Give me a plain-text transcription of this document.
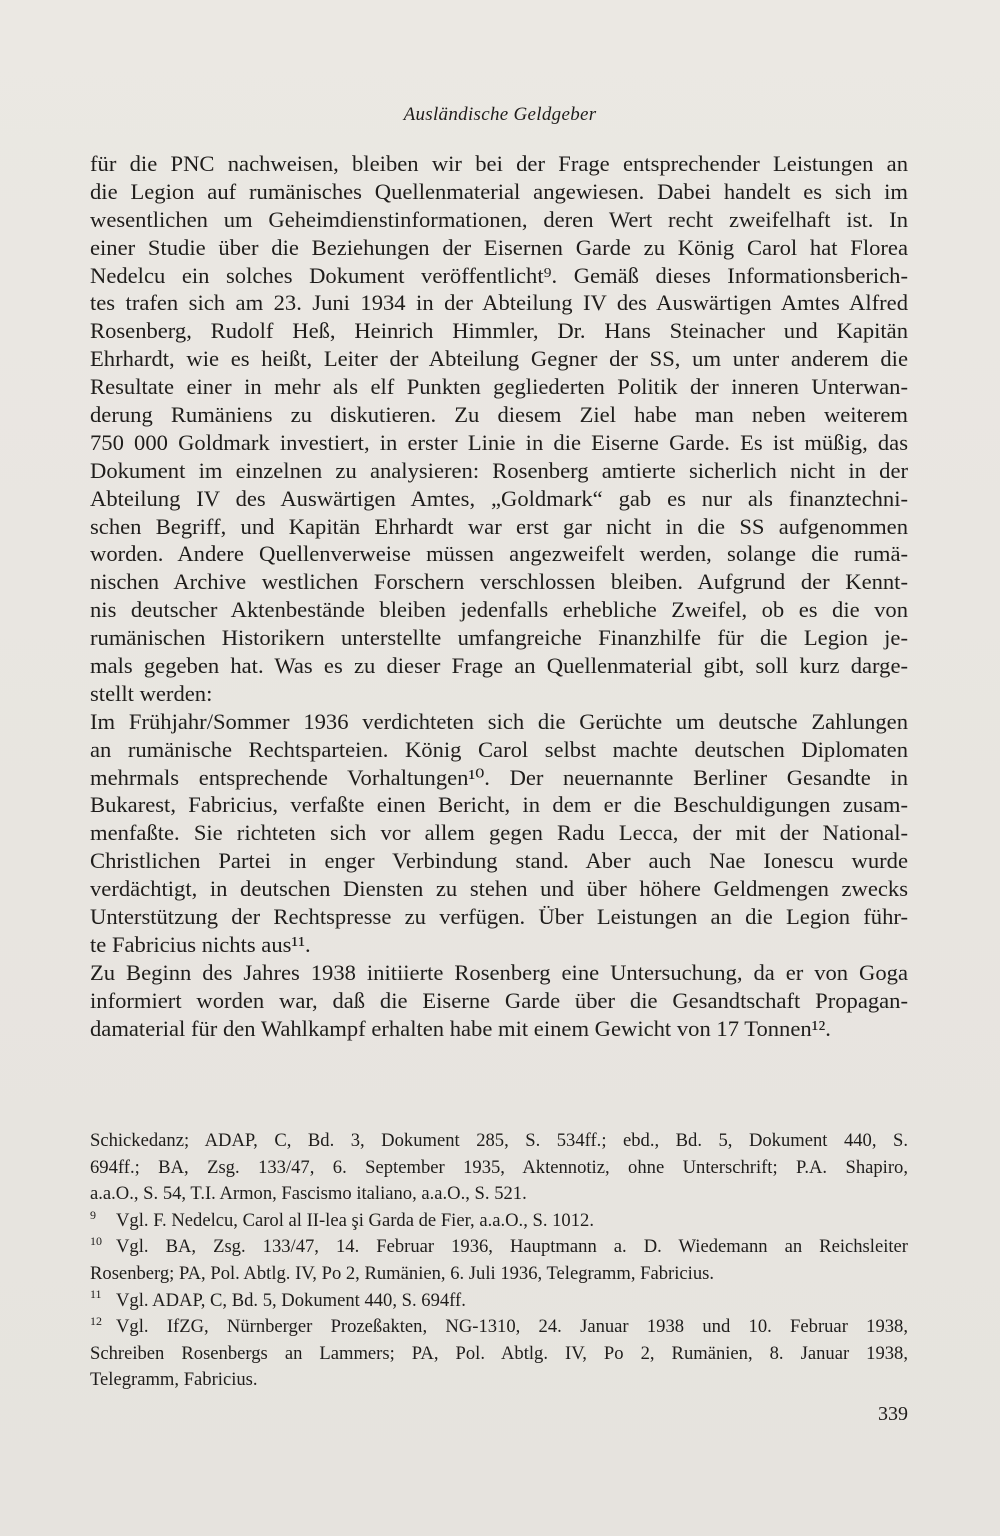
Ausländische Geldgeber
für die PNC nachweisen, bleiben wir bei der Frage entsprechender Leistungen an
die Legion auf rumänisches Quellenmaterial angewiesen. Dabei handelt es sich im
wesentlichen um Geheimdienstinformationen, deren Wert recht zweifelhaft ist. In
einer Studie über die Beziehungen der Eisernen Garde zu König Carol hat Florea
Nedelcu ein solches Dokument veröffentlicht⁹. Gemäß dieses Informationsberich-
tes trafen sich am 23. Juni 1934 in der Abteilung IV des Auswärtigen Amtes Alfred
Rosenberg, Rudolf Heß, Heinrich Himmler, Dr. Hans Steinacher und Kapitän
Ehrhardt, wie es heißt, Leiter der Abteilung Gegner der SS, um unter anderem die
Resultate einer in mehr als elf Punkten gegliederten Politik der inneren Unterwan-
derung Rumäniens zu diskutieren. Zu diesem Ziel habe man neben weiterem
750 000 Goldmark investiert, in erster Linie in die Eiserne Garde. Es ist müßig, das
Dokument im einzelnen zu analysieren: Rosenberg amtierte sicherlich nicht in der
Abteilung IV des Auswärtigen Amtes, „Goldmark“ gab es nur als finanztechni-
schen Begriff, und Kapitän Ehrhardt war erst gar nicht in die SS aufgenommen
worden. Andere Quellenverweise müssen angezweifelt werden, solange die rumä-
nischen Archive westlichen Forschern verschlossen bleiben. Aufgrund der Kennt-
nis deutscher Aktenbestände bleiben jedenfalls erhebliche Zweifel, ob es die von
rumänischen Historikern unterstellte umfangreiche Finanzhilfe für die Legion je-
mals gegeben hat. Was es zu dieser Frage an Quellenmaterial gibt, soll kurz darge-
stellt werden:
Im Frühjahr/Sommer 1936 verdichteten sich die Gerüchte um deutsche Zahlungen
an rumänische Rechtsparteien. König Carol selbst machte deutschen Diplomaten
mehrmals entsprechende Vorhaltungen¹⁰. Der neuernannte Berliner Gesandte in
Bukarest, Fabricius, verfaßte einen Bericht, in dem er die Beschuldigungen zusam-
menfaßte. Sie richteten sich vor allem gegen Radu Lecca, der mit der National-
Christlichen Partei in enger Verbindung stand. Aber auch Nae Ionescu wurde
verdächtigt, in deutschen Diensten zu stehen und über höhere Geldmengen zwecks
Unterstützung der Rechtspresse zu verfügen. Über Leistungen an die Legion führ-
te Fabricius nichts aus¹¹.
Zu Beginn des Jahres 1938 initiierte Rosenberg eine Untersuchung, da er von Goga
informiert worden war, daß die Eiserne Garde über die Gesandtschaft Propagan-
damaterial für den Wahlkampf erhalten habe mit einem Gewicht von 17 Tonnen¹².
Schickedanz; ADAP, C, Bd. 3, Dokument 285, S. 534ff.; ebd., Bd. 5, Dokument 440, S.
694ff.; BA, Zsg. 133/47, 6. September 1935, Aktennotiz, ohne Unterschrift; P.A. Shapiro,
a.a.O., S. 54, T.I. Armon, Fascismo italiano, a.a.O., S. 521.
9 Vgl. F. Nedelcu, Carol al II-lea şi Garda de Fier, a.a.O., S. 1012.
10 Vgl. BA, Zsg. 133/47, 14. Februar 1936, Hauptmann a. D. Wiedemann an Reichsleiter
Rosenberg; PA, Pol. Abtlg. IV, Po 2, Rumänien, 6. Juli 1936, Telegramm, Fabricius.
11 Vgl. ADAP, C, Bd. 5, Dokument 440, S. 694ff.
12 Vgl. IfZG, Nürnberger Prozeßakten, NG-1310, 24. Januar 1938 und 10. Februar 1938,
Schreiben Rosenbergs an Lammers; PA, Pol. Abtlg. IV, Po 2, Rumänien, 8. Januar 1938,
Telegramm, Fabricius.
339
